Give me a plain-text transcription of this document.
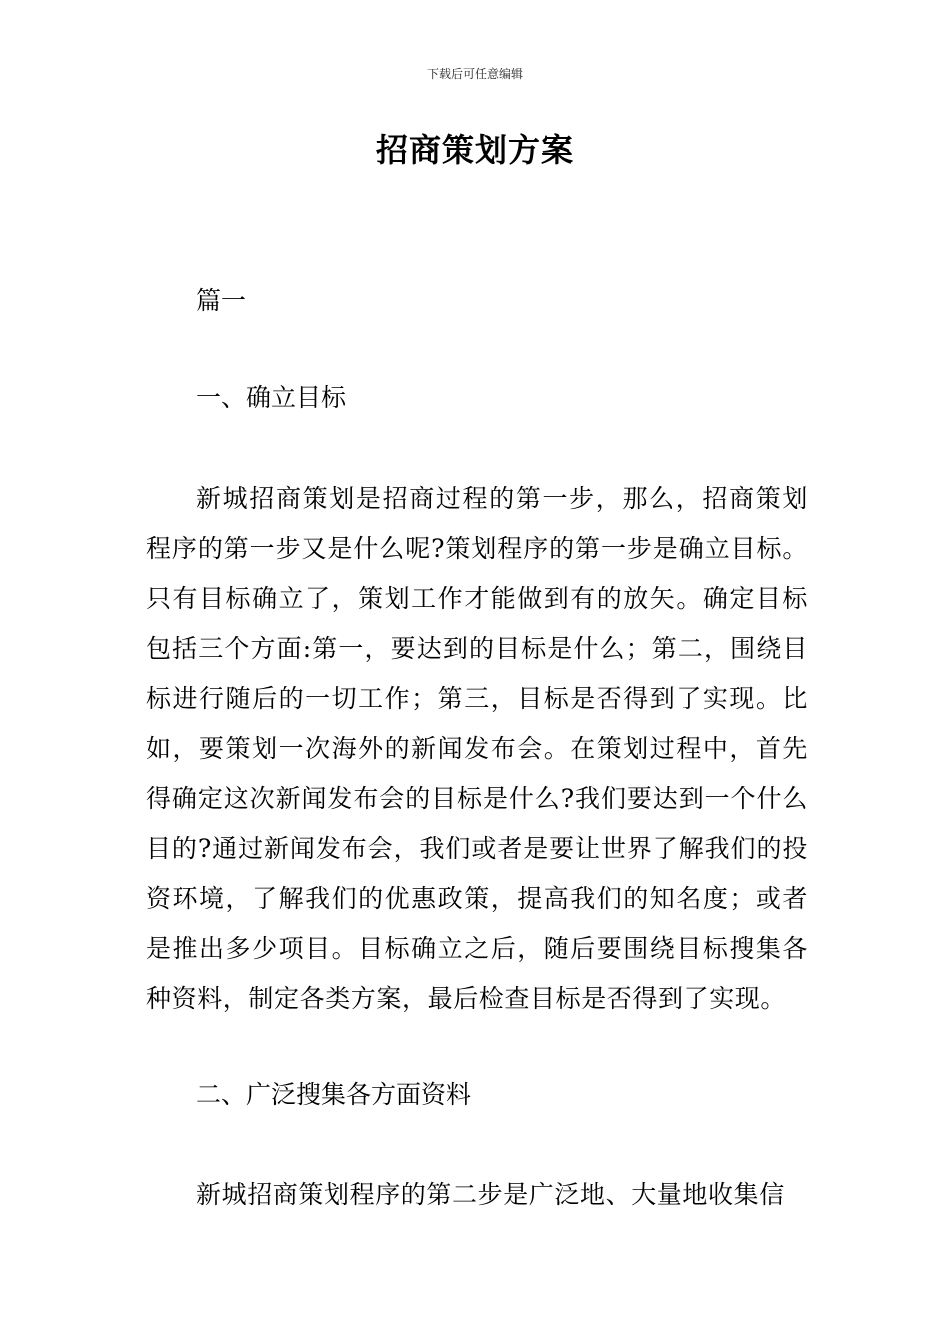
下载后可任意编辑
招商策划方案

篇一

一、确立目标

新城招商策划是招商过程的第一步，那么，招商策划程序的第一步又是什么呢?策划程序的第一步是确立目标。只有目标确立了，策划工作才能做到有的放矢。确定目标包括三个方面:第一，要达到的目标是什么；第二，围绕目标进行随后的一切工作；第三，目标是否得到了实现。比如，要策划一次海外的新闻发布会。在策划过程中，首先得确定这次新闻发布会的目标是什么?我们要达到一个什么目的?通过新闻发布会，我们或者是要让世界了解我们的投资环境，了解我们的优惠政策，提高我们的知名度；或者是推出多少项目。目标确立之后，随后要围绕目标搜集各种资料，制定各类方案，最后检查目标是否得到了实现。

二、广泛搜集各方面资料

新城招商策划程序的第二步是广泛地、大量地收集信
